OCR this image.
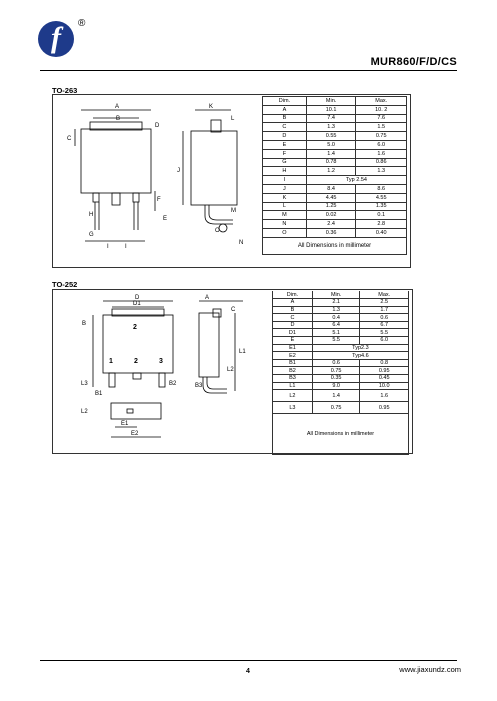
f	®
MUR860/F/D/CS
TO-263
A
B
C
D
E
F
G
H
I	I
J
K
L
M
N
O
Dim.	Min.	Max.
A	10.1	10. 2
B	7.4	7.6
C	1.3	1.5
D	0.55	0.75
E	5.0	6.0
F	1.4	1.6
G	0.78	0.86
H	1.2	1.3
I	Typ 2.54	
J	8.4	8.6
K	4.45	4.55
L	1.25	1.35
M	0.02	0.1
N	2.4	2.8
O	0.36	0.40
All Dimensions in millimeter		
TO-252
D
D1
A
C
B
1	2	3
2
L1
L2
L3
B1
B2	B3
E1
E2
L2
Dim.	Min.	Max.
A	2.1	2.5
B	1.3	1.7
C	0.4	0.6
D	6.4	6.7
D1	5.1	5.5
E	5.5	6.0
E1	Typ2.3	
E2	Typ4.6	
B1	0.6	0.8
B2	0.75	0.95
B3	0.35	0.45
L1	9.0	10.0
L2	1.4	1.6
L3	0.75	0.95
All Dimensions in millimeter		
4	www.jiaxundz.com
